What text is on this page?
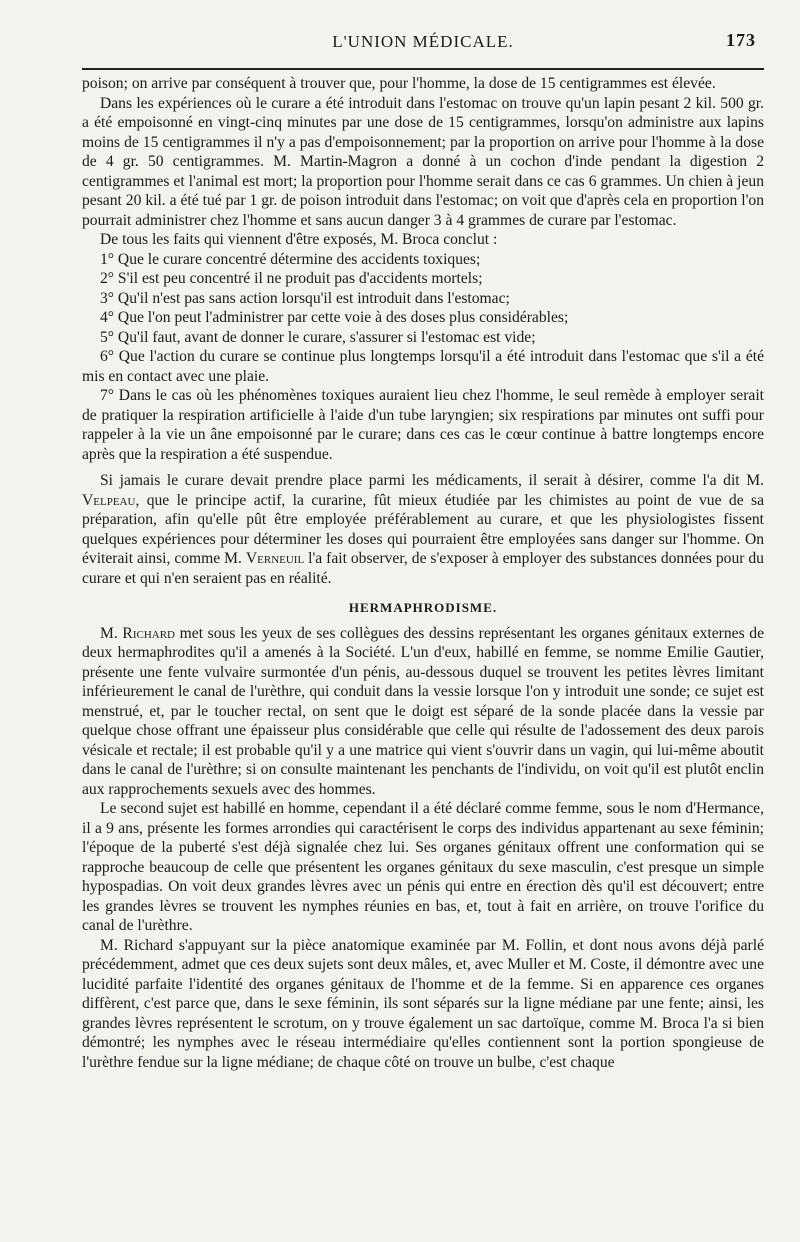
L'UNION MÉDICALE.	173

poison; on arrive par conséquent à trouver que, pour l'homme, la dose de 15 centigrammes est élevée.

Dans les expériences où le curare a été introduit dans l'estomac on trouve qu'un lapin pesant 2 kil. 500 gr. a été empoisonné en vingt-cinq minutes par une dose de 15 centigrammes, lorsqu'on administre aux lapins moins de 15 centigrammes il n'y a pas d'empoisonnement; par la proportion on arrive pour l'homme à la dose de 4 gr. 50 centigrammes. M. Martin-Magron a donné à un cochon d'inde pendant la digestion 2 centigrammes et l'animal est mort; la proportion pour l'homme serait dans ce cas 6 grammes. Un chien à jeun pesant 20 kil. a été tué par 1 gr. de poison introduit dans l'estomac; on voit que d'après cela en proportion l'on pourrait administrer chez l'homme et sans aucun danger 3 à 4 grammes de curare par l'estomac.

De tous les faits qui viennent d'être exposés, M. Broca conclut :

1° Que le curare concentré détermine des accidents toxiques;

2° S'il est peu concentré il ne produit pas d'accidents mortels;

3° Qu'il n'est pas sans action lorsqu'il est introduit dans l'estomac;

4° Que l'on peut l'administrer par cette voie à des doses plus considérables;

5° Qu'il faut, avant de donner le curare, s'assurer si l'estomac est vide;

6° Que l'action du curare se continue plus longtemps lorsqu'il a été introduit dans l'estomac que s'il a été mis en contact avec une plaie.

7° Dans le cas où les phénomènes toxiques auraient lieu chez l'homme, le seul remède à employer serait de pratiquer la respiration artificielle à l'aide d'un tube laryngien; six respirations par minutes ont suffi pour rappeler à la vie un âne empoisonné par le curare; dans ces cas le cœur continue à battre longtemps encore après que la respiration a été suspendue.

Si jamais le curare devait prendre place parmi les médicaments, il serait à désirer, comme l'a dit M. Velpeau, que le principe actif, la curarine, fût mieux étudiée par les chimistes au point de vue de sa préparation, afin qu'elle pût être employée préférablement au curare, et que les physiologistes fissent quelques expériences pour déterminer les doses qui pourraient être employées sans danger sur l'homme. On éviterait ainsi, comme M. Verneuil l'a fait observer, de s'exposer à employer des substances données pour du curare et qui n'en seraient pas en réalité.

HERMAPHRODISME.

M. Richard met sous les yeux de ses collègues des dessins représentant les organes génitaux externes de deux hermaphrodites qu'il a amenés à la Société. L'un d'eux, habillé en femme, se nomme Emilie Gautier, présente une fente vulvaire surmontée d'un pénis, au-dessous duquel se trouvent les petites lèvres limitant inférieurement le canal de l'urèthre, qui conduit dans la vessie lorsque l'on y introduit une sonde; ce sujet est menstrué, et, par le toucher rectal, on sent que le doigt est séparé de la sonde placée dans la vessie par quelque chose offrant une épaisseur plus considérable que celle qui résulte de l'adossement des deux parois vésicale et rectale; il est probable qu'il y a une matrice qui vient s'ouvrir dans un vagin, qui lui-même aboutit dans le canal de l'urèthre; si on consulte maintenant les penchants de l'individu, on voit qu'il est plutôt enclin aux rapprochements sexuels avec des hommes.

Le second sujet est habillé en homme, cependant il a été déclaré comme femme, sous le nom d'Hermance, il a 9 ans, présente les formes arrondies qui caractérisent le corps des individus appartenant au sexe féminin; l'époque de la puberté s'est déjà signalée chez lui. Ses organes génitaux offrent une conformation qui se rapproche beaucoup de celle que présentent les organes génitaux du sexe masculin, c'est presque un simple hypospadias. On voit deux grandes lèvres avec un pénis qui entre en érection dès qu'il est découvert; entre les grandes lèvres se trouvent les nymphes réunies en bas, et, tout à fait en arrière, on trouve l'orifice du canal de l'urèthre.

M. Richard s'appuyant sur la pièce anatomique examinée par M. Follin, et dont nous avons déjà parlé précédemment, admet que ces deux sujets sont deux mâles, et, avec Muller et M. Coste, il démontre avec une lucidité parfaite l'identité des organes génitaux de l'homme et de la femme. Si en apparence ces organes diffèrent, c'est parce que, dans le sexe féminin, ils sont séparés sur la ligne médiane par une fente; ainsi, les grandes lèvres représentent le scrotum, on y trouve également un sac dartoïque, comme M. Broca l'a si bien démontré; les nymphes avec le réseau intermédiaire qu'elles contiennent sont la portion spongieuse de l'urèthre fendue sur la ligne médiane; de chaque côté on trouve un bulbe, c'est chaque
